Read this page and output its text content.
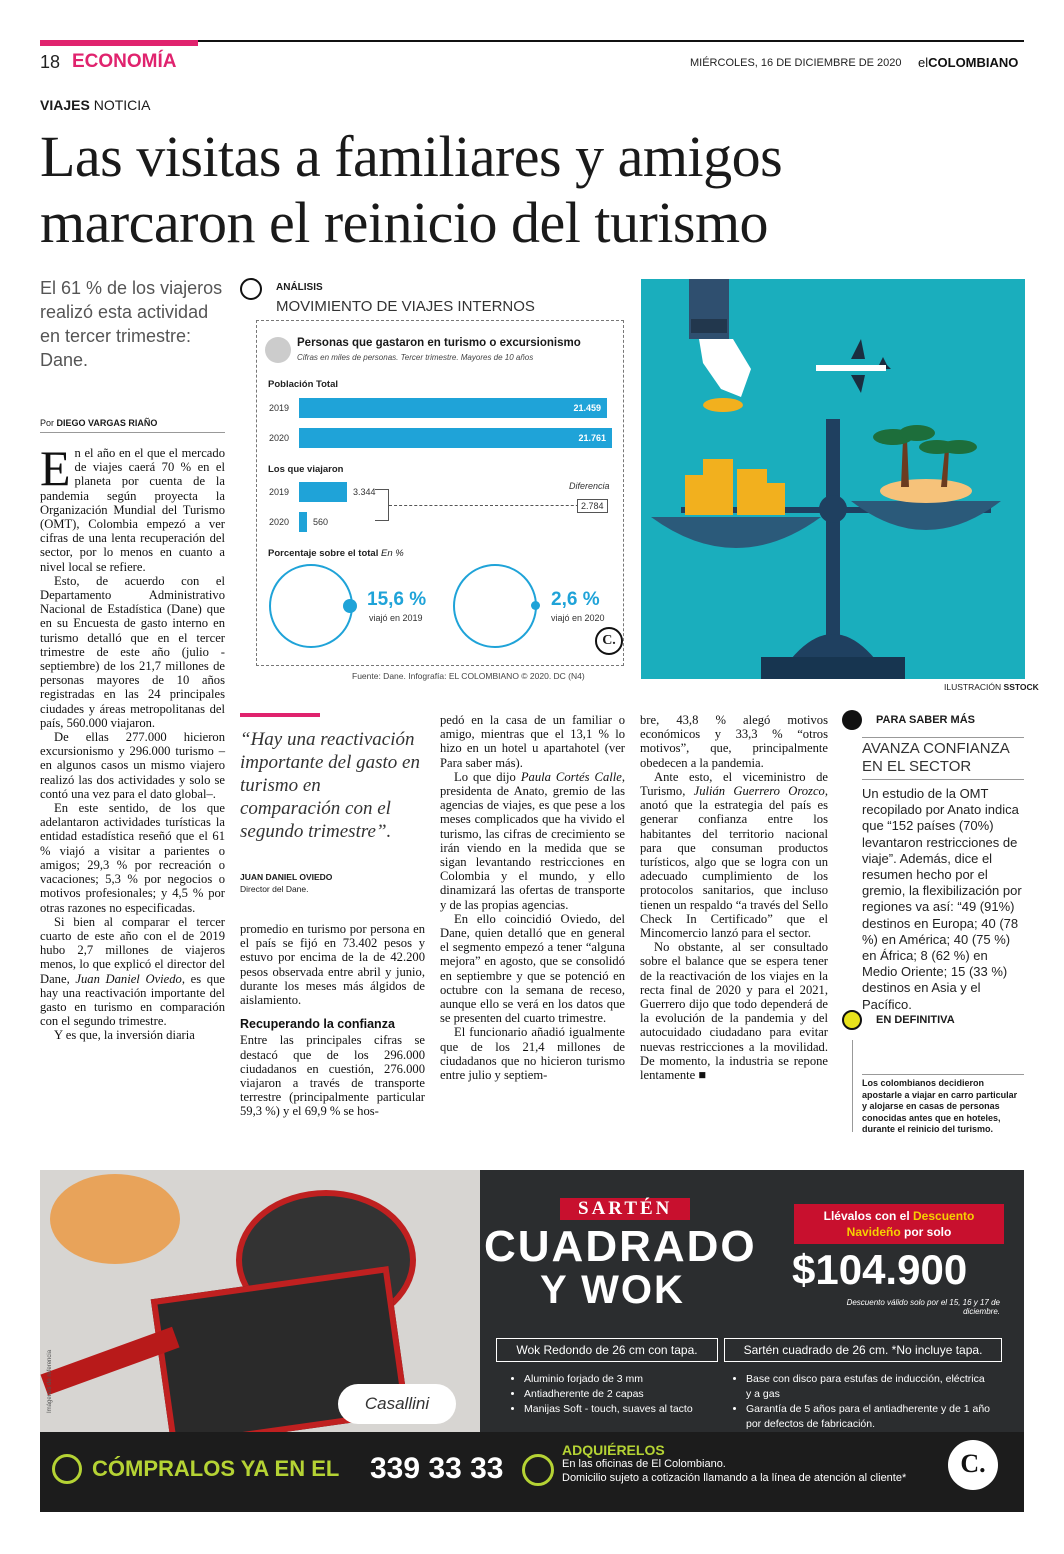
18 ECONOMÍA	MIÉRCOLES, 16 DE DICIEMBRE DE 2020 elCOLOMBIANO
VIAJES NOTICIA
Las visitas a familiares y amigos
marcaron el reinicio del turismo
El 61 % de los viajeros realizó esta actividad en tercer trimestre: Dane.
Por DIEGO VARGAS RIAÑO

En el año en el que el mercado de viajes caerá 70 % en el planeta por cuenta de la pandemia según proyecta la Organización Mundial del Turismo (OMT), Colombia empezó a ver cifras de una lenta recuperación del sector, por lo menos en cuanto a nivel local se refiere.

Esto, de acuerdo con el Departamento Administrativo Nacional de Estadística (Dane) que en su Encuesta de gasto interno en turismo detalló que en el tercer trimestre de este año (julio - septiembre) de los 21,7 millones de personas mayores de 10 años registradas en las 24 principales ciudades y áreas metropolitanas del país, 560.000 viajaron.

De ellas 277.000 hicieron excursionismo y 296.000 turismo –en algunos casos un mismo viajero realizó las dos actividades y solo se contó una vez para el dato global–.

En este sentido, de los que adelantaron actividades turísticas la entidad estadística reseñó que el 61 % viajó a visitar a parientes o amigos; 29,3 % por recreación o vacaciones; 5,3 % por negocios o motivos profesionales; y 4,5 % por otras razones no especificadas.

Si bien al comparar el tercer cuarto de este año con el de 2019 hubo 2,7 millones de viajeros menos, lo que explicó el director del Dane, Juan Daniel Oviedo, es que hay una reactivación importante del gasto en turismo en comparación con el segundo trimestre.

Y es que, la inversión diaria

ANÁLISIS
MOVIMIENTO DE VIAJES INTERNOS
Personas que gastaron en turismo o excursionismo
Cifras en miles de personas. Tercer trimestre. Mayores de 10 años
Población Total
2019	21.459
2020	21.761
Los que viajaron
2019	3.344
2020	560
Diferencia
2.784
Porcentaje sobre el total En %
15,6 %
viajó en 2019
2,6 %
viajó en 2020
C.
Fuente: Dane. Infografía: EL COLOMBIANO © 2020. DC (N4)
ILUSTRACIÓN SSTOCK
“Hay una reactivación importante del gasto en turismo en comparación con el segundo trimestre”.
JUAN DANIEL OVIEDO
Director del Dane.

promedio en turismo por persona en el país se fijó en 73.402 pesos y estuvo por encima de la de 42.200 pesos observada entre abril y junio, durante los meses más álgidos de aislamiento.

Recuperando la confianza

Entre las principales cifras se destacó que de los 296.000 ciudadanos en cuestión, 276.000 viajaron a través de transporte terrestre (principalmente particular 59,3 %) y el 69,9 % se hos-

pedó en la casa de un familiar o amigo, mientras que el 13,1 % lo hizo en un hotel u apartahotel (ver Para saber más).

Lo que dijo Paula Cortés Calle, presidenta de Anato, gremio de las agencias de viajes, es que pese a los meses complicados que ha vivido el turismo, las cifras de crecimiento se irán viendo en la medida que se sigan levantando restricciones en Colombia y el mundo, y ello dinamizará las ofertas de transporte y de las propias agencias.

En ello coincidió Oviedo, del Dane, quien detalló que en general el segmento empezó a tener “alguna mejora” en agosto, que se consolidó en septiembre y que se potenció en octubre con la semana de receso, aunque ello se verá en los datos que se presenten del cuarto trimestre.

El funcionario añadió igualmente que de los 21,4 millones de ciudadanos que no hicieron turismo entre julio y septiem-

bre, 43,8 % alegó motivos económicos y 33,3 % “otros motivos”, que, principalmente obedecen a la pandemia.

Ante esto, el viceministro de Turismo, Julián Guerrero Orozco, anotó que la estrategia del país es generar confianza entre los habitantes del territorio nacional para que consuman productos turísticos, algo que se logra con un adecuado cumplimiento de los protocolos sanitarios, que incluso tienen un respaldo “a través del Sello Check In Certificado” que el Mincomercio lanzó para el sector.

No obstante, al ser consultado sobre el balance que se espera tener de la reactivación de los viajes en la recta final de 2020 y para el 2021, Guerrero dijo que todo dependerá de la evolución de la pandemia y del autocuidado ciudadano para evitar nuevas restricciones a la movilidad. De momento, la industria se repone lentamente ■

PARA SABER MÁS
AVANZA CONFIANZA EN EL SECTOR
Un estudio de la OMT recopilado por Anato indica que “152 países (70%) levantaron restricciones de viaje”. Además, dice el resumen hecho por el gremio, la flexibilización por regiones va así: “49 (91%) destinos en Europa; 40 (78 %) en América; 40 (75 %) en África; 8 (62 %) en Medio Oriente; 15 (33 %) destinos en Asia y el Pacífico.
EN DEFINITIVA
Los colombianos decidieron apostarle a viajar en carro particular y alojarse en casas de personas conocidas antes que en hoteles, durante el reinicio del turismo.
Casallini
Imágenes de referencia
SARTÉN
CUADRADO
Y WOK
Llévalos con el Descuento
Navideño por solo
$104.900
Descuento válido solo por el 15, 16 y 17 de diciembre.
Wok Redondo de 26 cm con tapa.	Sartén cuadrado de 26 cm. *No incluye tapa.
• Aluminio forjado de 3 mm
• Antiadherente de 2 capas
• Manijas Soft - touch, suaves al tacto
• Base con disco para estufas de inducción, eléctrica y a gas
• Garantía de 5 años para el antiadherente y de 1 año por defectos de fabricación.
CÓMPRALOS YA EN EL 339 33 33
ADQUIÉRELOS
En las oficinas de El Colombiano.
Domicilio sujeto a cotización llamando a la línea de atención al cliente*	C.
